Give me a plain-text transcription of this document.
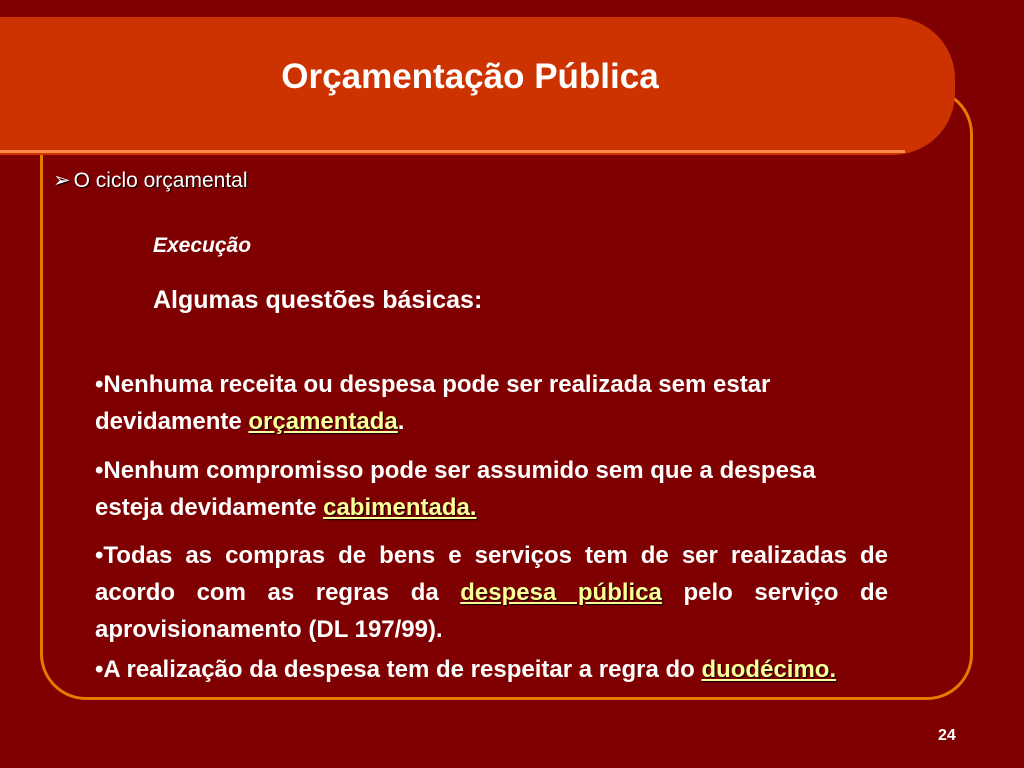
Orçamentação Pública
➢ O ciclo orçamental
Execução
Algumas questões básicas:

•Nenhuma receita ou despesa pode ser realizada sem estar devidamente orçamentada.

•Nenhum compromisso pode ser assumido sem que a despesa esteja devidamente cabimentada.

•Todas as compras de bens e serviços tem de ser realizadas de acordo com as regras da despesa pública pelo serviço de aprovisionamento (DL 197/99).

•A realização da despesa tem de respeitar a regra do duodécimo.

24
